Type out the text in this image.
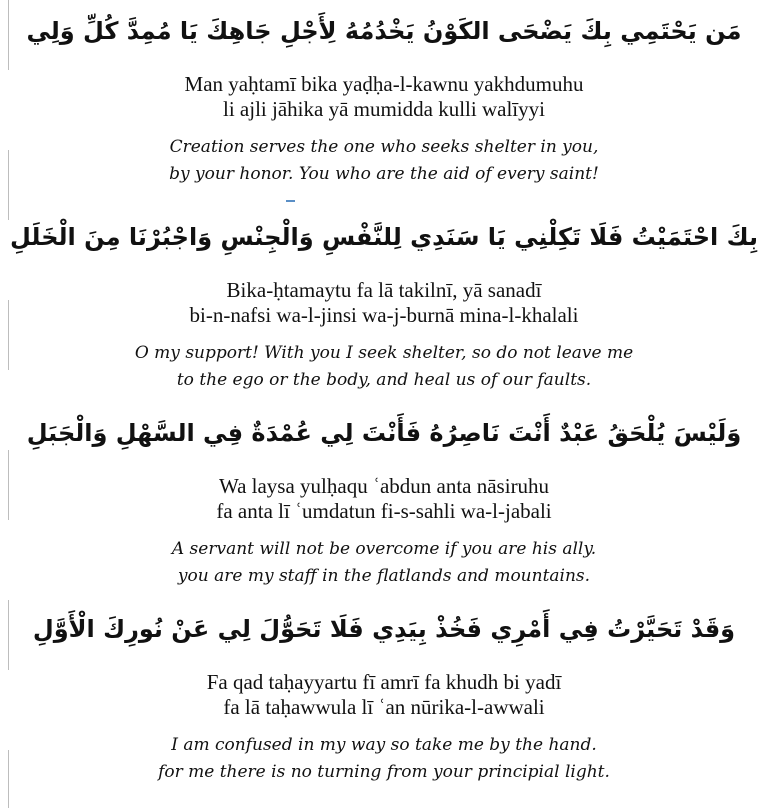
مَن يَحْتَمِي بِكَ يَضْحَى الكَوْنُ يَخْدُمُهُ لِأَجْلِ جَاهِكَ يَا مُمِدَّ كُلِّ وَلِي
Man yaḥtamī bika yaḍḥa-l-kawnu yakhdumuhu
li ajli jāhika yā mumidda kulli walīyyi
Creation serves the one who seeks shelter in you,
by your honor. You who are the aid of every saint!
بِكَ احْتَمَيْتُ فَلَا تَكِلْنِي يَا سَنَدِي لِلنَّفْسِ وَالْجِنْسِ وَاجْبُرْنَا مِنَ الْخَلَلِ
Bika-ḥtamaytu fa lā takilnī, yā sanadī
bi-n-nafsi wa-l-jinsi wa-j-burnā mina-l-khalali
O my support! With you I seek shelter, so do not leave me
to the ego or the body, and heal us of our faults.
وَلَيْسَ يُلْحَقُ عَبْدٌ أَنْتَ نَاصِرُهُ فَأَنْتَ لِي عُمْدَةٌ فِي السَّهْلِ وَالْجَبَلِ
Wa laysa yulḥaqu ʿabdun anta nāsiruhu
fa anta lī ʿumdatun fi-s-sahli wa-l-jabali
A servant will not be overcome if you are his ally.
you are my staff in the flatlands and mountains.
وَقَدْ تَحَيَّرْتُ فِي أَمْرِي فَخُذْ بِيَدِي فَلَا تَحَوُّلَ لِي عَنْ نُورِكَ الْأَوَّلِ
Fa qad taḥayyartu fī amrī fa khudh bi yadī
fa lā taḥawwula lī ʿan nūrika-l-awwali
I am confused in my way so take me by the hand.
for me there is no turning from your principial light.
